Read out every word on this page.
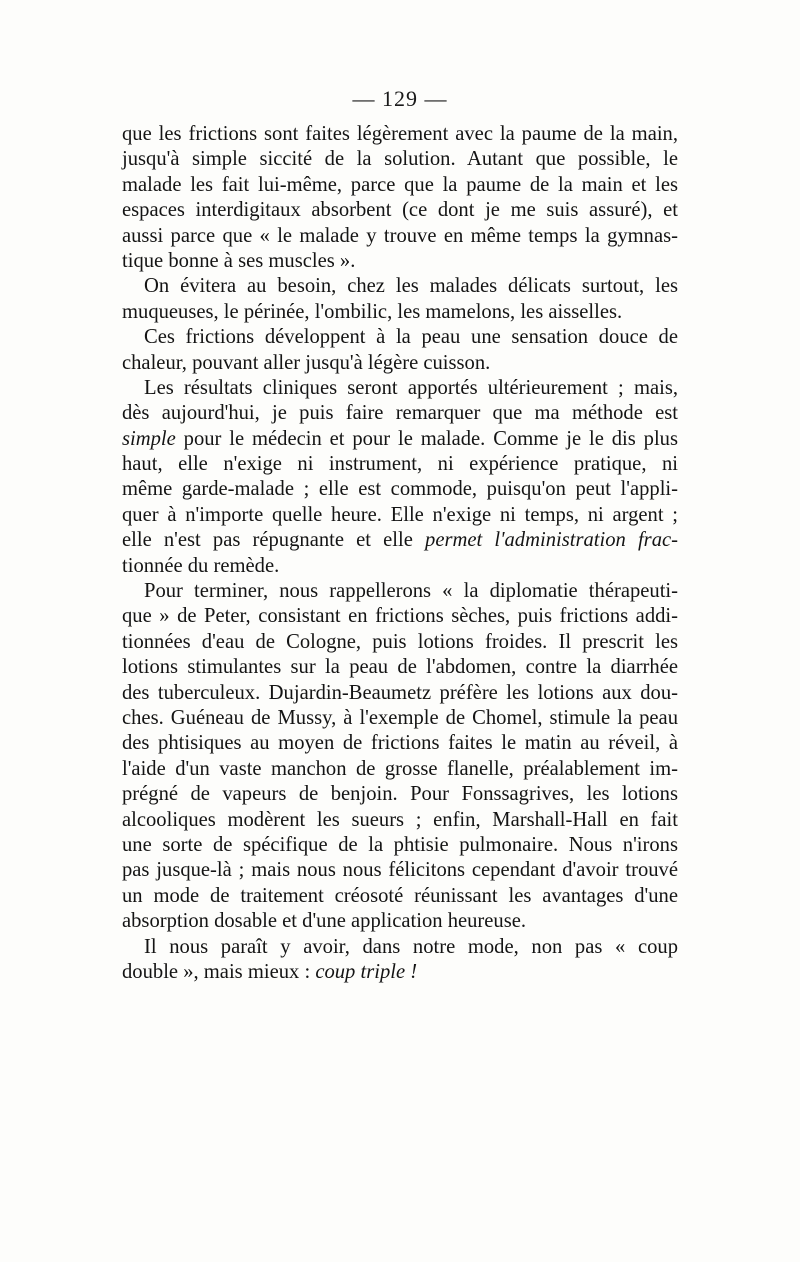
— 129 —
que les frictions sont faites légèrement avec la paume de la main,
jusqu'à simple siccité de la solution. Autant que possible, le
malade les fait lui-même, parce que la paume de la main et les
espaces interdigitaux absorbent (ce dont je me suis assuré), et
aussi parce que « le malade y trouve en même temps la gymnas-
tique bonne à ses muscles ».
On évitera au besoin, chez les malades délicats surtout, les
muqueuses, le périnée, l'ombilic, les mamelons, les aisselles.
Ces frictions développent à la peau une sensation douce de
chaleur, pouvant aller jusqu'à légère cuisson.
Les résultats cliniques seront apportés ultérieurement ; mais,
dès aujourd'hui, je puis faire remarquer que ma méthode est
simple pour le médecin et pour le malade. Comme je le dis plus
haut, elle n'exige ni instrument, ni expérience pratique, ni
même garde-malade ; elle est commode, puisqu'on peut l'appli-
quer à n'importe quelle heure. Elle n'exige ni temps, ni argent ;
elle n'est pas répugnante et elle permet l'administration frac-
tionnée du remède.
Pour terminer, nous rappellerons « la diplomatie thérapeuti-
que » de Peter, consistant en frictions sèches, puis frictions addi-
tionnées d'eau de Cologne, puis lotions froides. Il prescrit les
lotions stimulantes sur la peau de l'abdomen, contre la diarrhée
des tuberculeux. Dujardin-Beaumetz préfère les lotions aux dou-
ches. Guéneau de Mussy, à l'exemple de Chomel, stimule la peau
des phtisiques au moyen de frictions faites le matin au réveil, à
l'aide d'un vaste manchon de grosse flanelle, préalablement im-
prégné de vapeurs de benjoin. Pour Fonssagrives, les lotions
alcooliques modèrent les sueurs ; enfin, Marshall-Hall en fait
une sorte de spécifique de la phtisie pulmonaire. Nous n'irons
pas jusque-là ; mais nous nous félicitons cependant d'avoir trouvé
un mode de traitement créosoté réunissant les avantages d'une
absorption dosable et d'une application heureuse.
Il nous paraît y avoir, dans notre mode, non pas « coup
double », mais mieux : coup triple !
